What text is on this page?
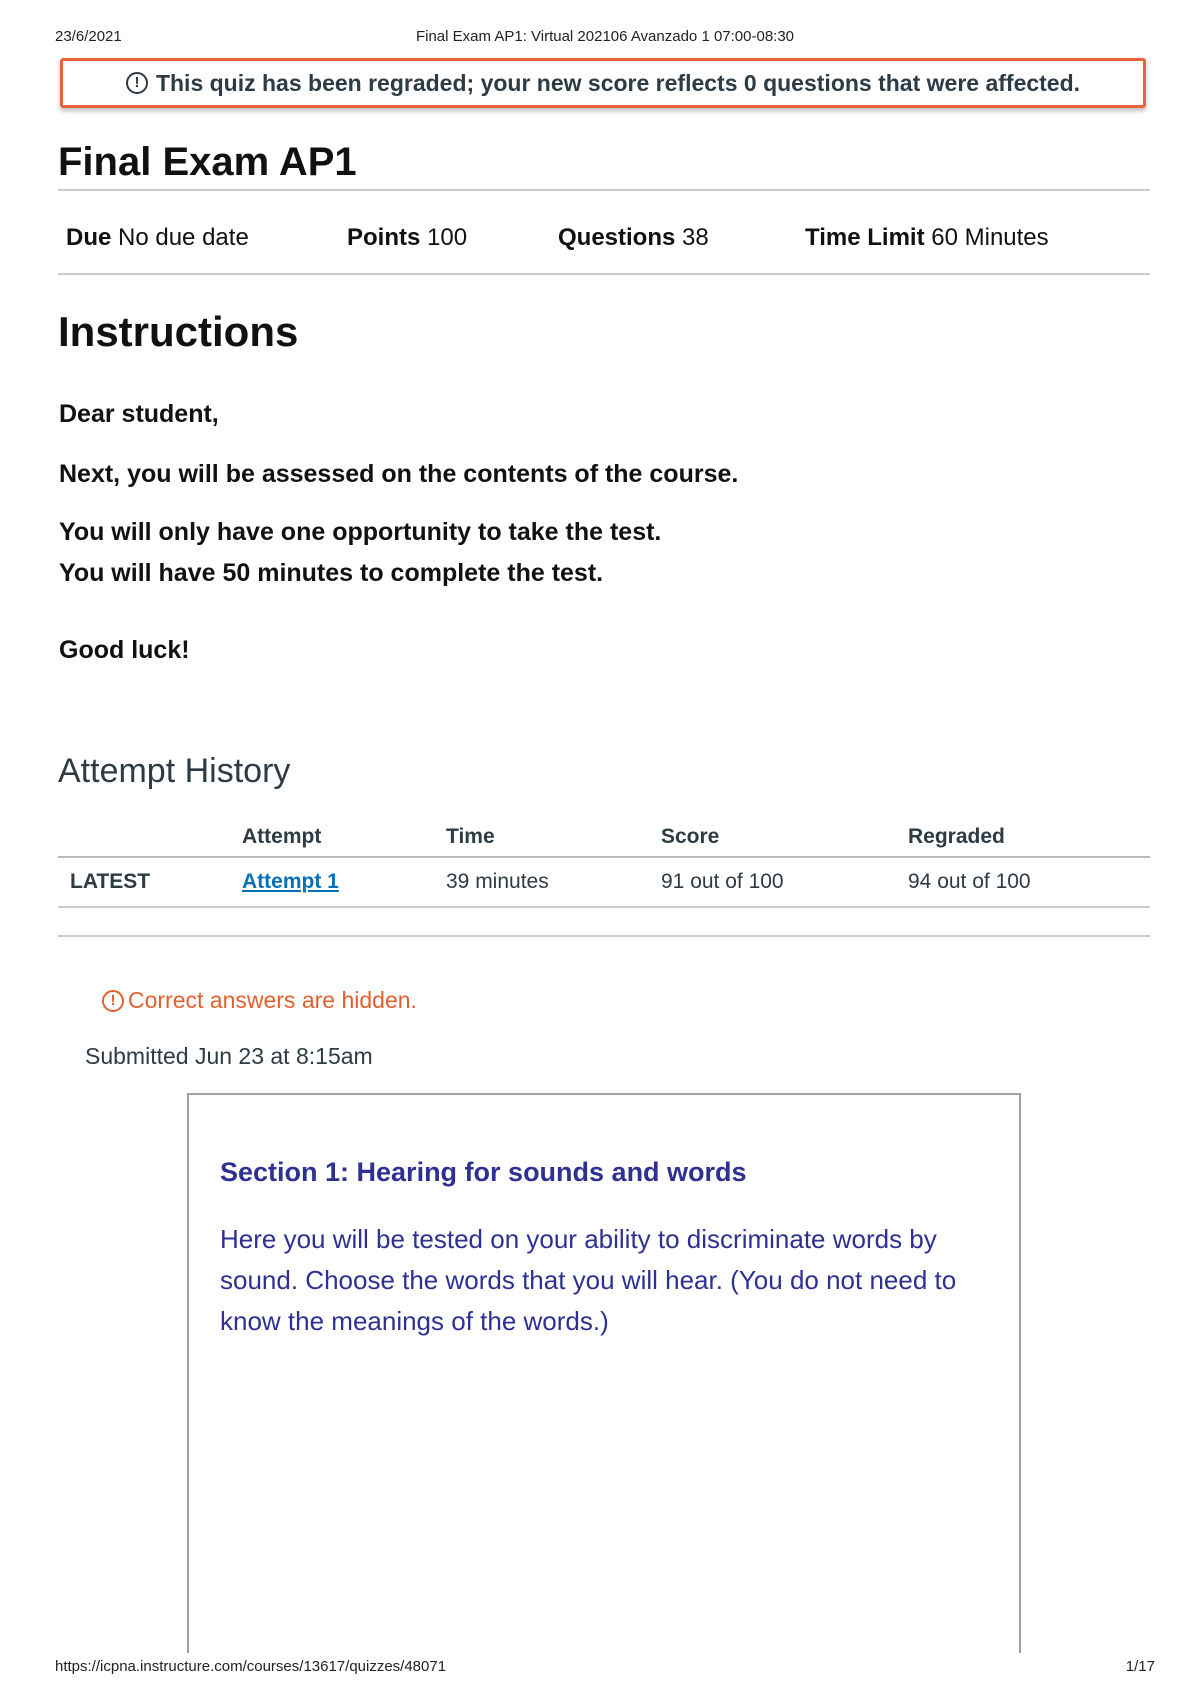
23/6/2021	Final Exam AP1: Virtual 202106 Avanzado 1 07:00-08:30
! This quiz has been regraded; your new score reflects 0 questions that were affected.
Final Exam AP1
Due No due date	Points 100	Questions 38	Time Limit 60 Minutes
Instructions
Dear student,
Next, you will be assessed on the contents of the course.
You will only have one opportunity to take the test.
You will have 50 minutes to complete the test.
Good luck!
Attempt History
	Attempt	Time	Score	Regraded
LATEST	Attempt 1	39 minutes	91 out of 100	94 out of 100
! Correct answers are hidden.
Submitted Jun 23 at 8:15am
Section 1: Hearing for sounds and words

Here you will be tested on your ability to discriminate words by sound. Choose the words that you will hear. (You do not need to know the meanings of the words.)

https://icpna.instructure.com/courses/13617/quizzes/48071	1/17
